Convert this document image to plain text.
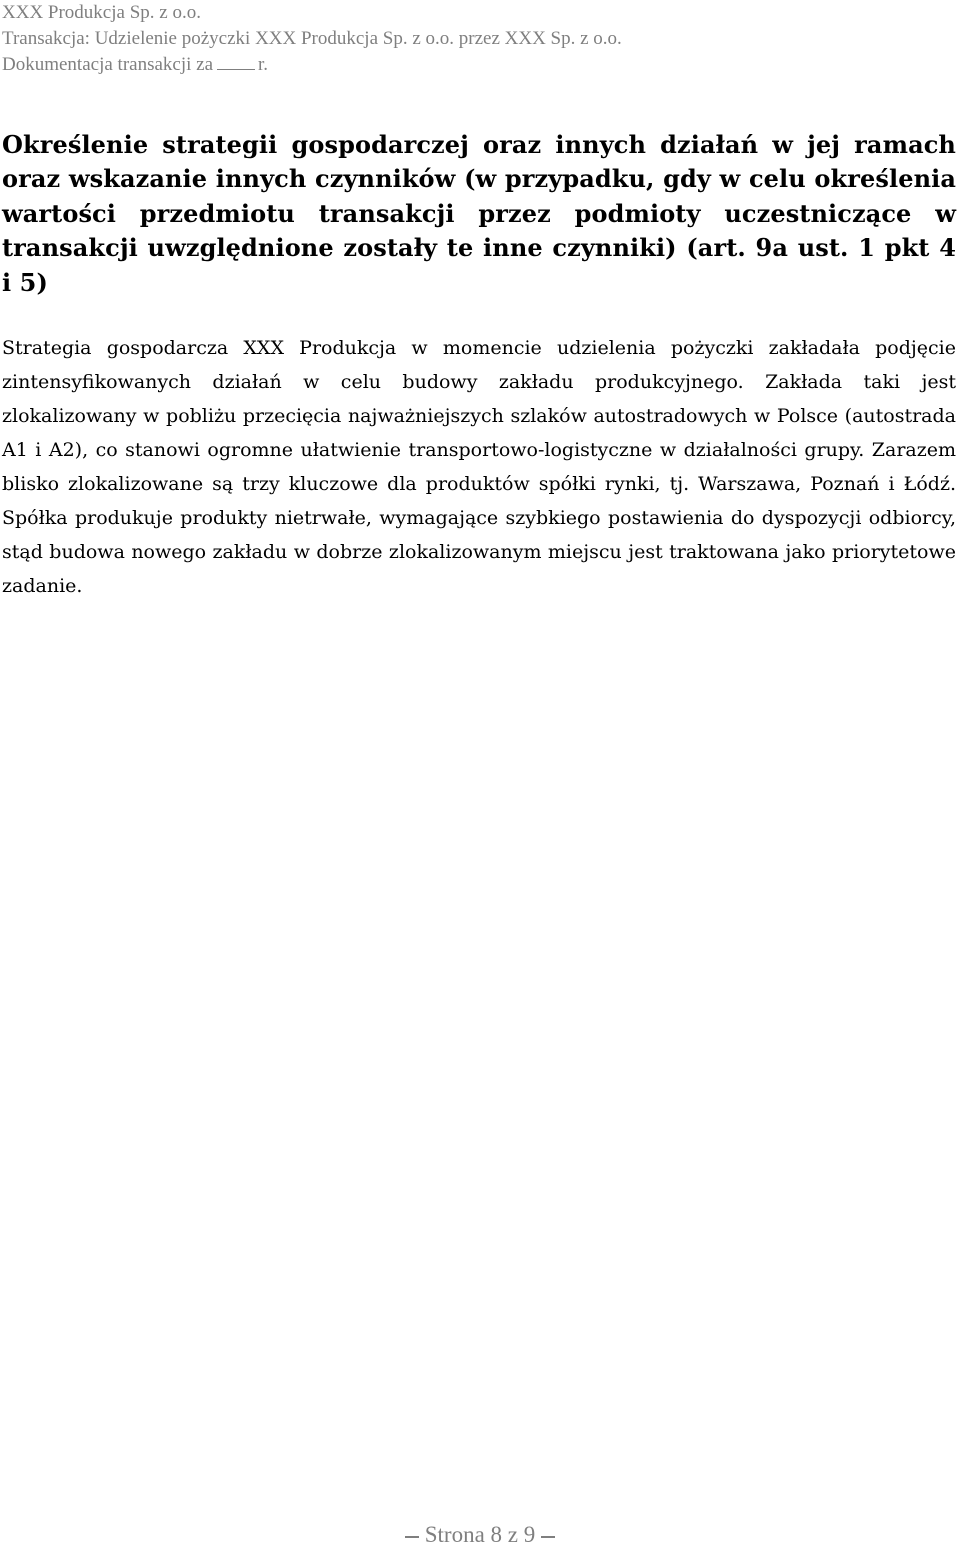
XXX Produkcja Sp. z o.o.
Transakcja: Udzielenie pożyczki XXX Produkcja Sp. z o.o. przez XXX Sp. z o.o.
Dokumentacja transakcji za r.
Określenie strategii gospodarczej oraz innych działań w jej ramach oraz wskazanie innych czynników (w przypadku, gdy w celu określenia wartości przedmiotu transakcji przez podmioty uczestniczące w transakcji uwzględnione zostały te inne czynniki) (art. 9a ust. 1 pkt 4 i 5)
Strategia gospodarcza XXX Produkcja w momencie udzielenia pożyczki zakładała podjęcie zintensyfikowanych działań w celu budowy zakładu produkcyjnego. Zakłada taki jest zlokalizowany w pobliżu przecięcia najważniejszych szlaków autostradowych w Polsce (autostrada A1 i A2), co stanowi ogromne ułatwienie transportowo-logistyczne w działalności grupy. Zarazem blisko zlokalizowane są trzy kluczowe dla produktów spółki rynki, tj. Warszawa, Poznań i Łódź. Spółka produkuje produkty nietrwałe, wymagające szybkiego postawienia do dyspozycji odbiorcy, stąd budowa nowego zakładu w dobrze zlokalizowanym miejscu jest traktowana jako priorytetowe zadanie.
Strona 8 z 9
